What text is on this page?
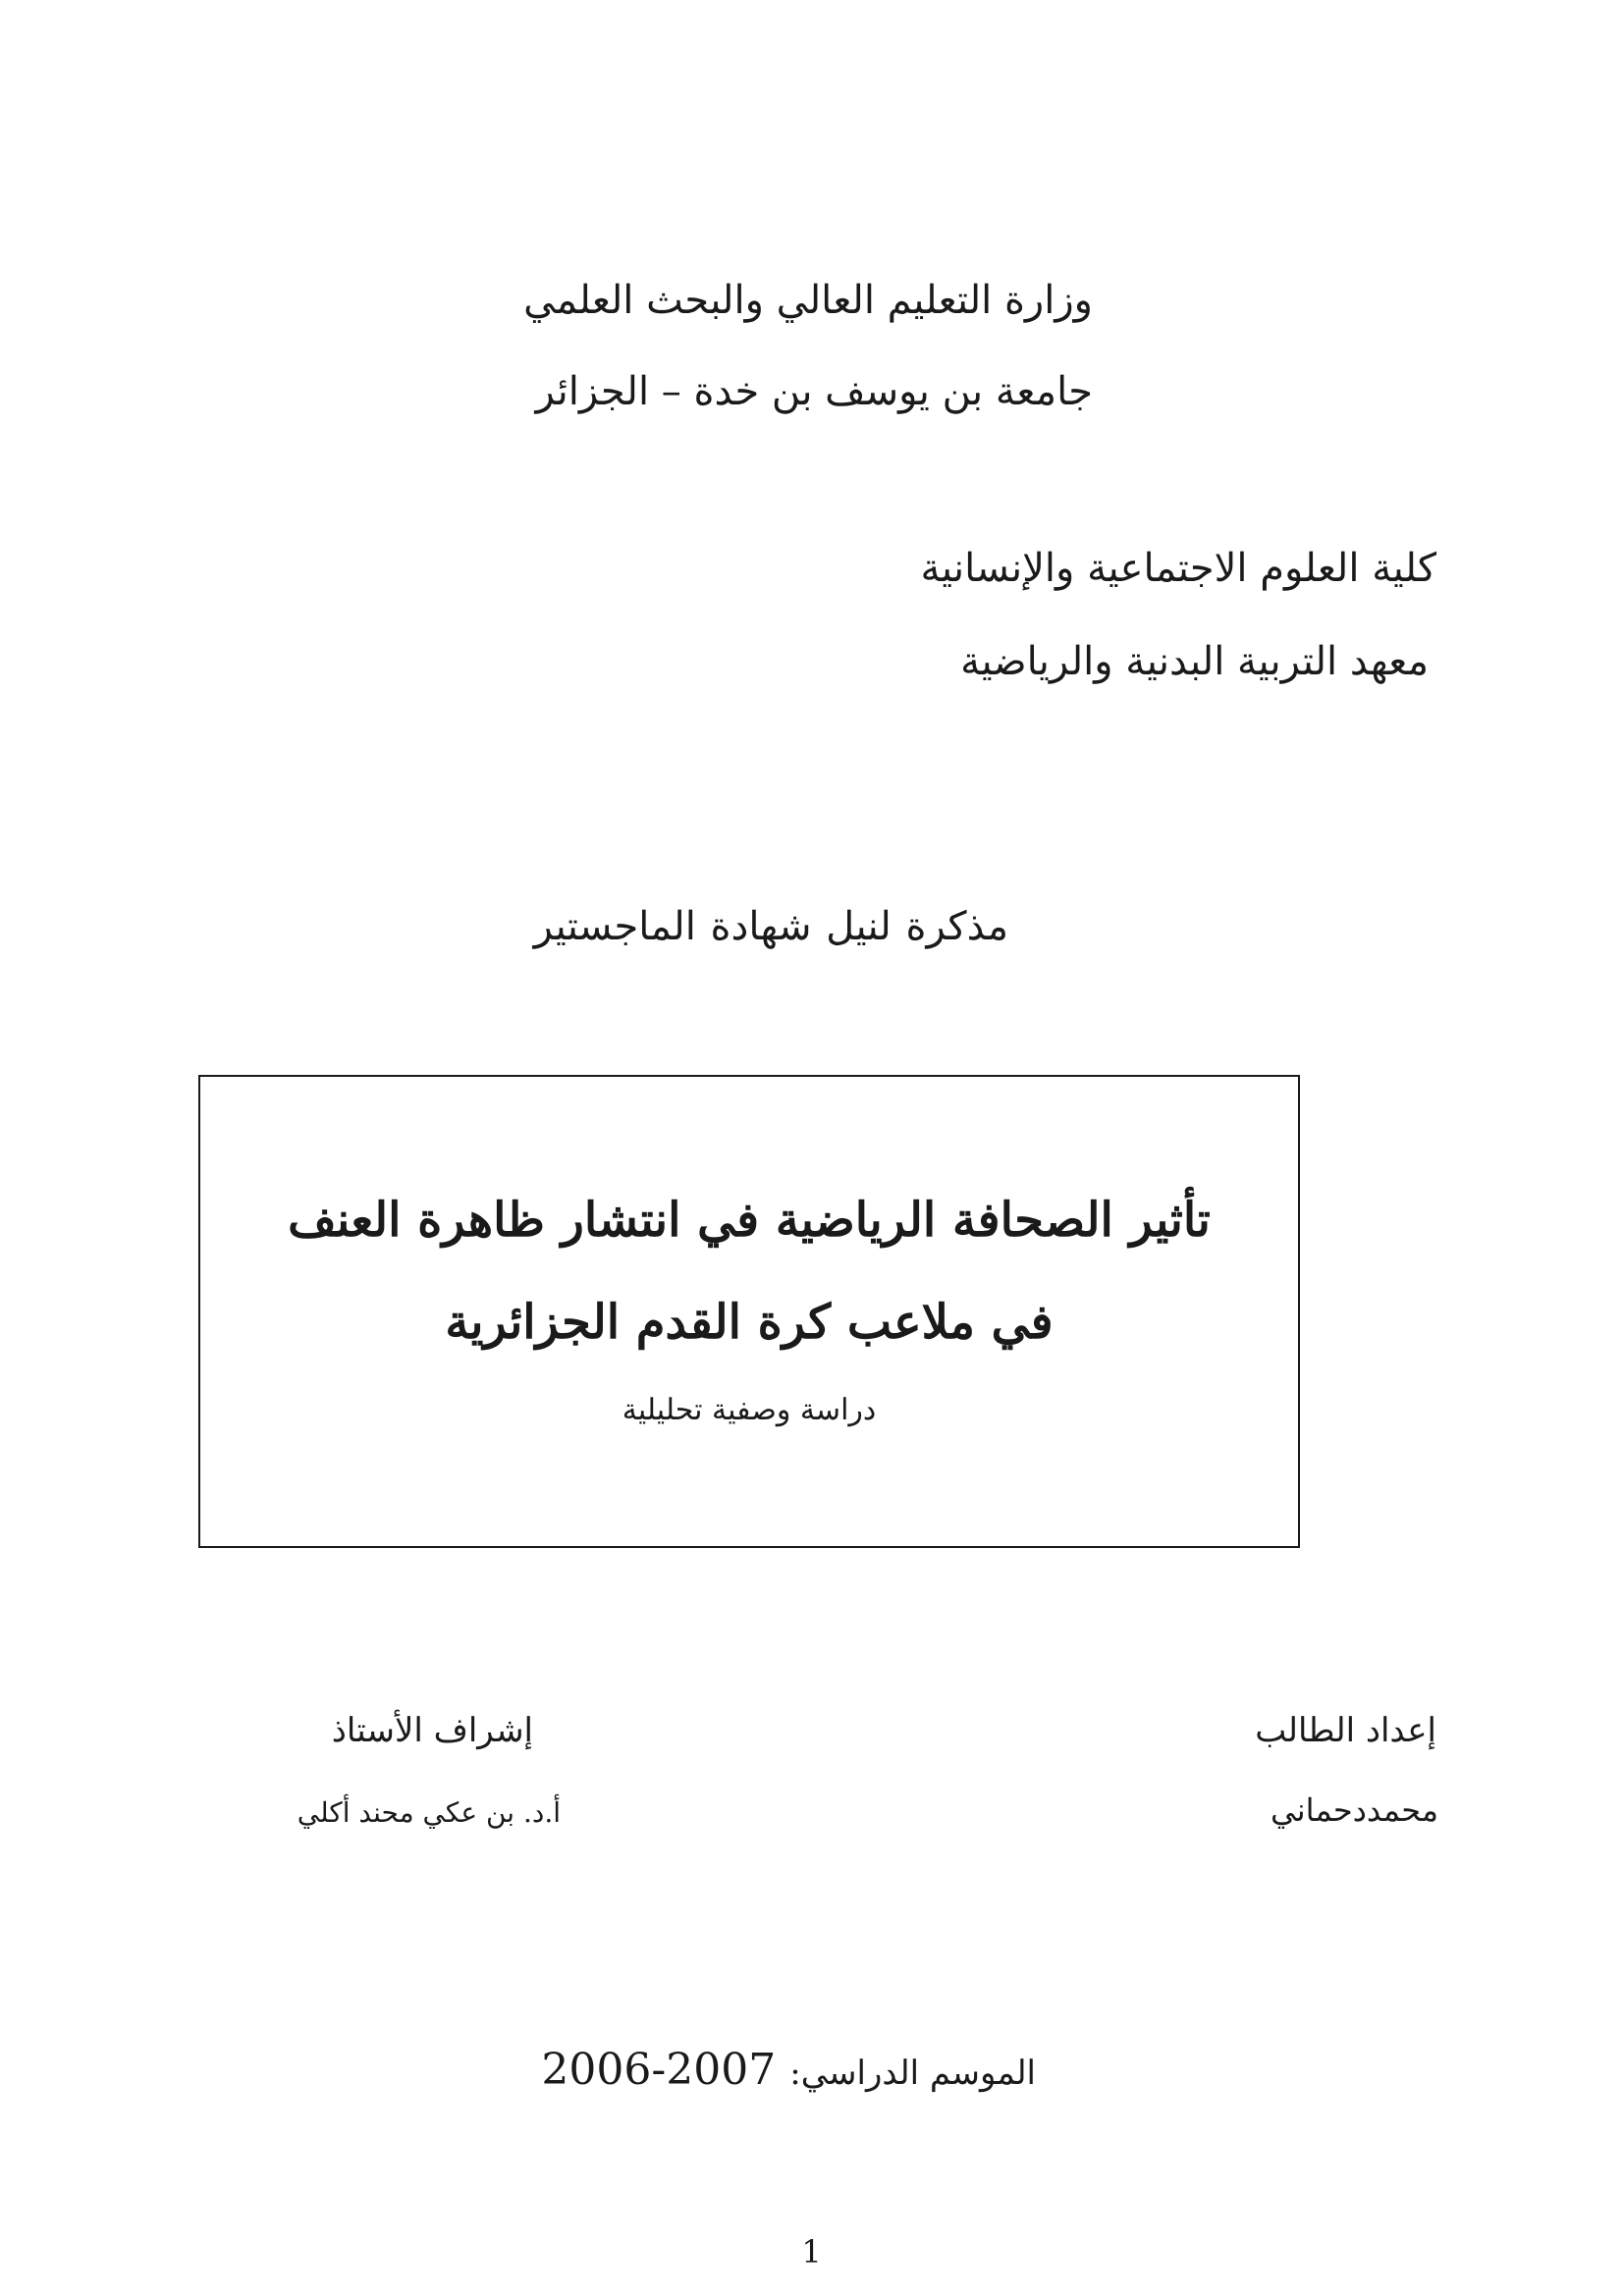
وزارة التعليم العالي والبحث العلمي
جامعة بن يوسف بن خدة – الجزائر
كلية العلوم الاجتماعية والإنسانية
معهد التربية البدنية والرياضية
مذكرة لنيل شهادة الماجستير
تأثير الصحافة الرياضية في انتشار ظاهرة العنف
في ملاعب كرة القدم الجزائرية
دراسة وصفية تحليلية
إعداد الطالب
محمددحماني
إشراف الأستاذ
أ.د. بن عكي محند أكلي
الموسم الدراسي: 2006-2007
1
